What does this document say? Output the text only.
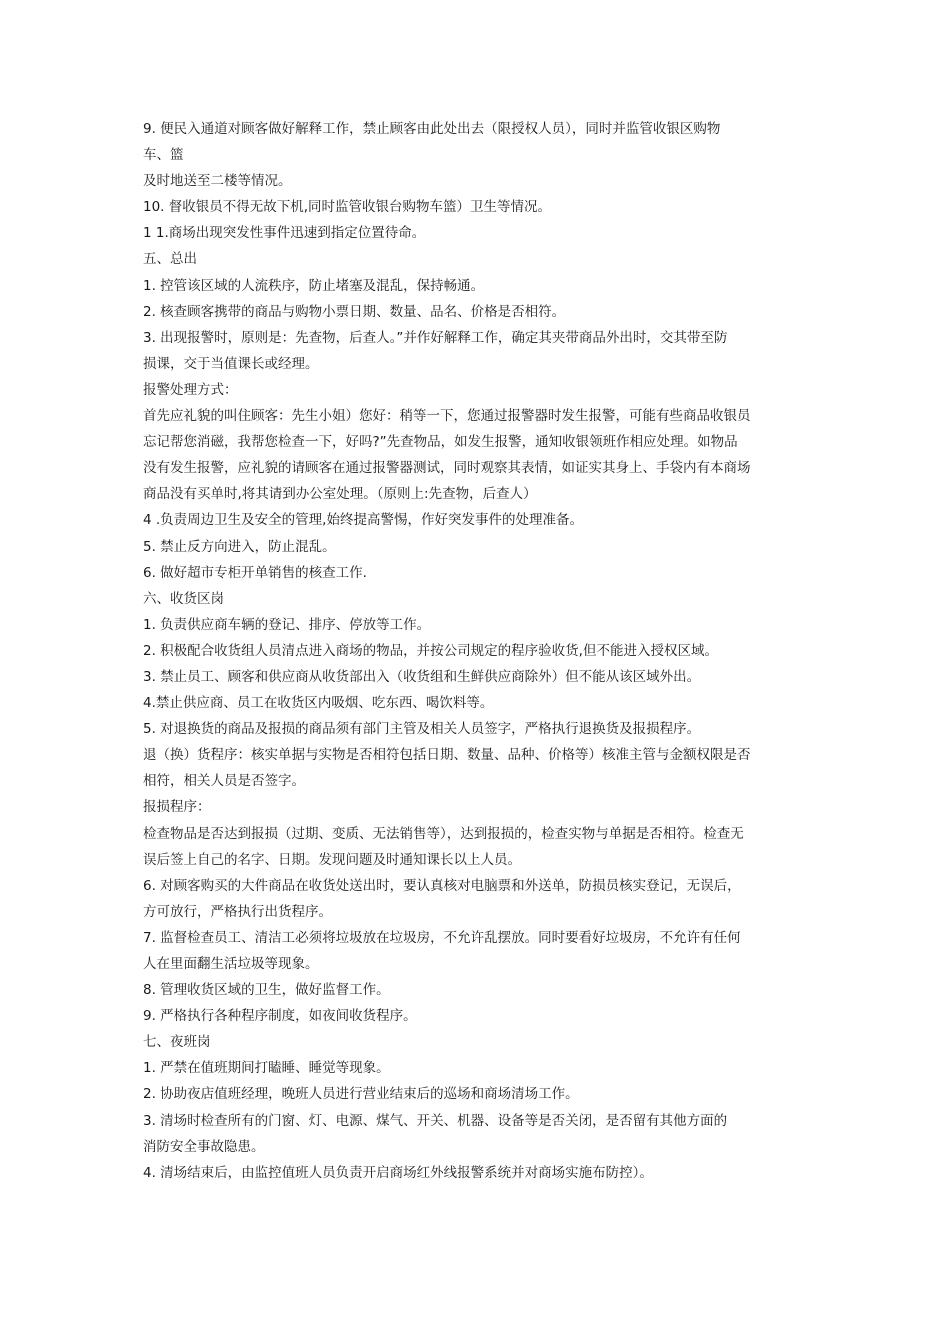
9. 便民入通道对顾客做好解释工作，禁止顾客由此处出去（限授权人员），同时并监管收银区购物
车、篮
及时地送至二楼等情况。
10. 督收银员不得无故下机,同时监管收银台购物车篮）卫生等情况。
1 1.商场出现突发性事件迅速到指定位置待命。
五、总出
1. 控管该区域的人流秩序，防止堵塞及混乱，保持畅通。
2. 核查顾客携带的商品与购物小票日期、数量、品名、价格是否相符。
3. 出现报警时，原则是：先查物，后查人。”并作好解释工作，确定其夹带商品外出时，交其带至防
损课，交于当值课长或经理。
报警处理方式：
首先应礼貌的叫住顾客：先生小姐）您好：稍等一下，您通过报警器时发生报警，可能有些商品收银员
忘记帮您消磁，我帮您检查一下，好吗?”先查物品，如发生报警，通知收银领班作相应处理。如物品
没有发生报警，应礼貌的请顾客在通过报警器测试，同时观察其表情，如证实其身上、手袋内有本商场
商品没有买单时,将其请到办公室处理。（原则上:先查物，后查人）
4 .负责周边卫生及安全的管理,始终提高警惕，作好突发事件的处理准备。
5. 禁止反方向进入，防止混乱。
6. 做好超市专柜开单销售的核查工作.
六、收货区岗
1. 负责供应商车辆的登记、排序、停放等工作。
2. 积极配合收货组人员清点进入商场的物品，并按公司规定的程序验收货,但不能进入授权区域。
3. 禁止员工、顾客和供应商从收货部出入（收货组和生鲜供应商除外）但不能从该区域外出。
4.禁止供应商、员工在收货区内吸烟、吃东西、喝饮料等。
5. 对退换货的商品及报损的商品须有部门主管及相关人员签字，严格执行退换货及报损程序。
退（换）货程序：核实单据与实物是否相符包括日期、数量、品种、价格等）核准主管与金额权限是否
相符，相关人员是否签字。
报损程序：
检查物品是否达到报损（过期、变质、无法销售等），达到报损的，检查实物与单据是否相符。检查无
误后签上自己的名字、日期。发现问题及时通知课长以上人员。
6. 对顾客购买的大件商品在收货处送出时，要认真核对电脑票和外送单，防损员核实登记，无误后，
方可放行，严格执行出货程序。
7. 监督检查员工、清洁工必须将垃圾放在垃圾房，不允许乱摆放。同时要看好垃圾房，不允许有任何
人在里面翻生活垃圾等现象。
8. 管理收货区域的卫生，做好监督工作。
9. 严格执行各种程序制度，如夜间收货程序。
七、夜班岗
1. 严禁在值班期间打瞌睡、睡觉等现象。
2. 协助夜店值班经理，晚班人员进行营业结束后的巡场和商场清场工作。
3. 清场时检查所有的门窗、灯、电源、煤气、开关、机器、设备等是否关闭，是否留有其他方面的
消防安全事故隐患。
4. 清场结束后，由监控值班人员负责开启商场红外线报警系统并对商场实施布防控）。
